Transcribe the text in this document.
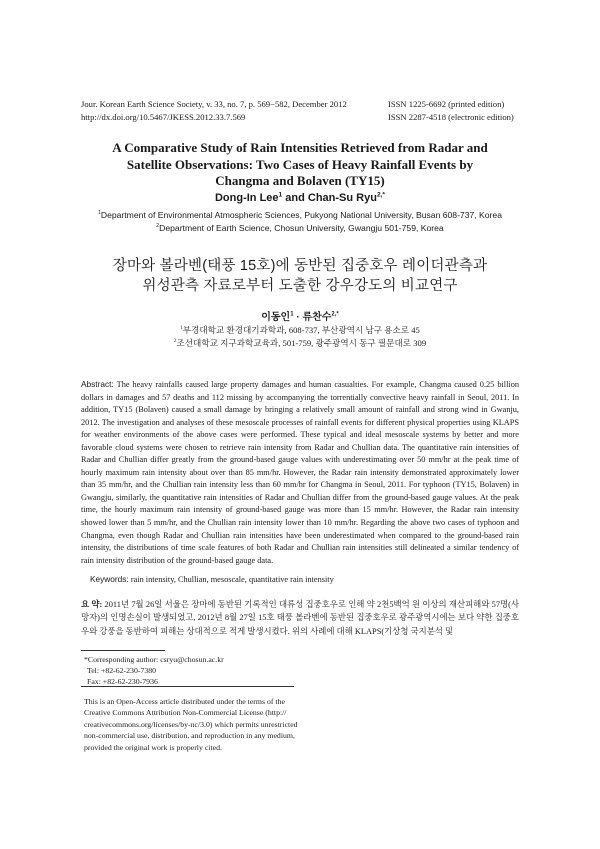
Jour. Korean Earth Science Society, v. 33, no. 7, p. 569−582, December 2012
http://dx.doi.org/10.5467/JKESS.2012.33.7.569
ISSN 1225-6692 (printed edition)
ISSN 2287-4518 (electronic edition)
A Comparative Study of Rain Intensities Retrieved from Radar and
Satellite Observations: Two Cases of Heavy Rainfall Events by
Changma and Bolaven (TY15)
Dong-In Lee$^1$ and Chan-Su Ryu$^{2,*}$
$^1$Department of Environmental Atmospheric Sciences, Pukyong National University, Busan 608-737, Korea
$^2$Department of Earth Science, Chosun University, Gwangju 501-759, Korea
장마와 볼라벤(태풍 15호)에 동반된 집중호우 레이더관측과
위성관측 자료로부터 도출한 강우강도의 비교연구
이동인$^1$ · 류찬수$^{2,*}$
$^1$부경대학교 환경대기과학과, 608-737, 부산광역시 남구 용소로 45
$^2$조선대학교 지구과학교육과, 501-759, 광주광역시 동구 필문대로 309
Abstract: The heavy rainfalls caused large property damages and human casualties. For example, Changma caused 0.25 billion dollars in damages and 57 deaths and 112 missing by accompanying the torrentially convective heavy rainfall in Seoul, 2011. In addition, TY15 (Bolaven) caused a small damage by bringing a relatively small amount of rainfall and strong wind in Gwanju, 2012. The investigation and analyses of these mesoscale processes of rainfall events for different physical properties using KLAPS for weather environments of the above cases were performed. These typical and ideal mesoscale systems by better and more favorable cloud systems were chosen to retrieve rain intensity from Radar and Chullian data. The quantitative rain intensities of Radar and Chullian differ greatly from the ground-based gauge values with underestimating over 50 mm/hr at the peak time of hourly maximum rain intensity about over than 85 mm/hr. However, the Radar rain intensity demonstrated approximately lower than 35 mm/hr, and the Chullian rain intensity less than 60 mm/hr for Changma in Seoul, 2011. For typhoon (TY15, Bolaven) in Gwangju, similarly, the quantitative rain intensities of Radar and Chullian differ from the ground-based gauge values. At the peak time, the hourly maximum rain intensity of ground-based gauge was more than 15 mm/hr. However, the Radar rain intensity showed lower than 5 mm/hr, and the Chullian rain intensity lower than 10 mm/hr. Regarding the above two cases of typhoon and Changma, even though Radar and Chullian rain intensities have been underestimated when compared to the ground-based rain intensity, the distributions of time scale features of both Radar and Chullian rain intensities still delineated a similar tendency of rain intensity distribution of the ground-based gauge data.
Keywords: rain intensity, Chullian, mesoscale, quantitative rain intensity
요 약: 2011년 7월 26일 서울은 장마에 동반된 기록적인 대류성 집중호우로 인해 약 2천5백억 원 이상의 재산피해와 57명(사망자)의 인명손실이 발생되었고, 2012년 8월 27일 15호 태풍 볼라벤에 동반된 집중호우로 광주광역시에는 보다 약한 집중호우와 강풍을 동반하여 피해는 상대적으로 적게 발생시켰다. 위의 사례에 대해 KLAPS(기상청 국지분석 및
*Corresponding author: csryu@chosun.ac.kr
Tel: +82-62-230-7380
Fax: +82-62-230-7936
This is an Open-Access article distributed under the terms of the
Creative Commons Attribution Non-Commercial License (http://
creativecommons.org/licenses/by-nc/3.0) which permits unrestricted
non-commercial use, distribution, and reproduction in any medium,
provided the original work is properly cited.
